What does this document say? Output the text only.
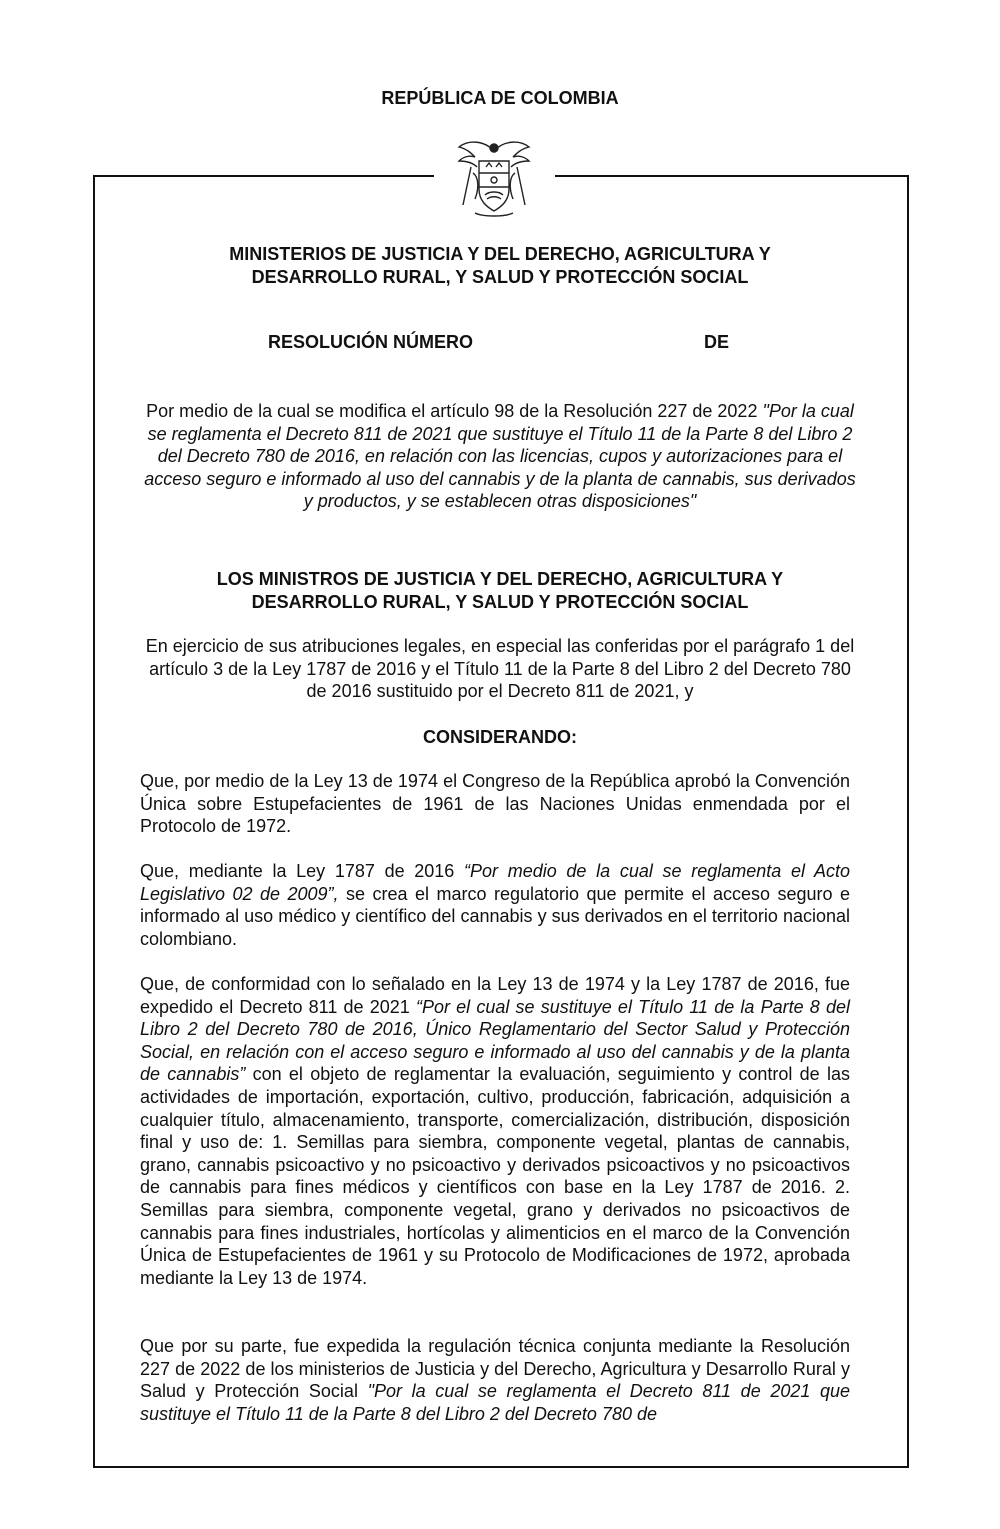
REPÚBLICA DE COLOMBIA
MINISTERIOS DE JUSTICIA Y DEL DERECHO, AGRICULTURA Y
DESARROLLO RURAL, Y SALUD Y PROTECCIÓN SOCIAL
RESOLUCIÓN NÚMERO	DE
Por medio de la cual se modifica el artículo 98 de la Resolución 227 de 2022 "Por la cual se reglamenta el Decreto 811 de 2021 que sustituye el Título 11 de la Parte 8 del Libro 2 del Decreto 780 de 2016, en relación con las licencias, cupos y autorizaciones para el acceso seguro e informado al uso del cannabis y de la planta de cannabis, sus derivados y productos, y se establecen otras disposiciones"
LOS MINISTROS DE JUSTICIA Y DEL DERECHO, AGRICULTURA Y
DESARROLLO RURAL, Y SALUD Y PROTECCIÓN SOCIAL
En ejercicio de sus atribuciones legales, en especial las conferidas por el parágrafo 1 del artículo 3 de la Ley 1787 de 2016 y el Título 11 de la Parte 8 del Libro 2 del Decreto 780 de 2016 sustituido por el Decreto 811 de 2021, y
CONSIDERANDO:
Que, por medio de la Ley 13 de 1974 el Congreso de la República aprobó la Convención Única sobre Estupefacientes de 1961 de las Naciones Unidas enmendada por el Protocolo de 1972.
Que, mediante la Ley 1787 de 2016 “Por medio de la cual se reglamenta el Acto Legislativo 02 de 2009”, se crea el marco regulatorio que permite el acceso seguro e informado al uso médico y científico del cannabis y sus derivados en el territorio nacional colombiano.
Que, de conformidad con lo señalado en la Ley 13 de 1974 y la Ley 1787 de 2016, fue expedido el Decreto 811 de 2021 “Por el cual se sustituye el Título 11 de la Parte 8 del Libro 2 del Decreto 780 de 2016, Único Reglamentario del Sector Salud y Protección Social, en relación con el acceso seguro e informado al uso del cannabis y de la planta de cannabis” con el objeto de reglamentar Ia evaluación, seguimiento y control de las actividades de importación, exportación, cultivo, producción, fabricación, adquisición a cualquier título, almacenamiento, transporte, comercialización, distribución, disposición final y uso de: 1. Semillas para siembra, componente vegetal, plantas de cannabis, grano, cannabis psicoactivo y no psicoactivo y derivados psicoactivos y no psicoactivos de cannabis para fines médicos y científicos con base en la Ley 1787 de 2016. 2. Semillas para siembra, componente vegetal, grano y derivados no psicoactivos de cannabis para fines industriales, hortícolas y alimenticios en el marco de la Convención Única de Estupefacientes de 1961 y su Protocolo de Modificaciones de 1972, aprobada mediante la Ley 13 de 1974.
Que por su parte, fue expedida la regulación técnica conjunta mediante la Resolución 227 de 2022 de los ministerios de Justicia y del Derecho, Agricultura y Desarrollo Rural y Salud y Protección Social "Por la cual se reglamenta el Decreto 811 de 2021 que sustituye el Título 11 de la Parte 8 del Libro 2 del Decreto 780 de
